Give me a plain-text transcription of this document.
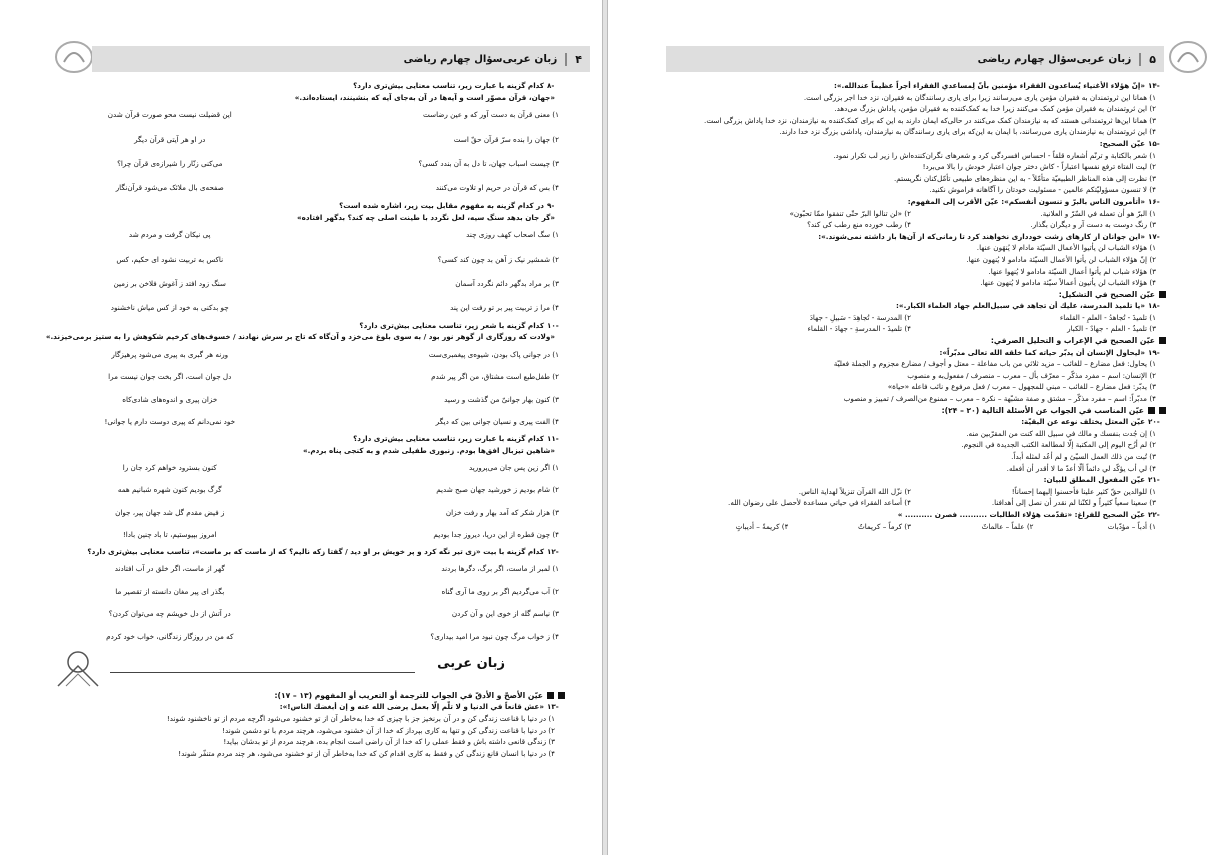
۴
زبان عربی
سؤال چهارم ریاضی
۸-
کدام گزینه با عبارت زیر، تناسب معنایی بیش‌تری دارد؟
«جهان، قرآن مصوّر است و آیه‌ها در آن به‌جای آیه‌ که بنشینند، ایستاده‌اند.»
۱) معنی قرآن به دست آور که و عین رضاست
این قضیلت نیست محو صورت قرآن شدن
۲) جهان را بنده سرّ قرآن حقّ است
در او هر آیتی قرآن دیگر
۳) چیست اسباب جهان، تا دل به آن بندد کسی؟
می‌کنی زنّار را شیرازه‌ی قرآن چرا؟
۴) بس که قرآن در حریم او تلاوت می‌کنند
صفحه‌ی بال ملائک می‌شود قرآن‌نگار
۹-
در کدام گزینه به مفهوم مقابل بیت زیر، اشاره شده است؟
«گر جان بدهد سنگ سیه، لعل نگردد با طینت اصلی چه کند؟ بدگهر افتاده»
۱) سگ اصحاب کهف روزی چند
پی نیکان گرفت و مردم شد
۲) شمشیر نیک ز آهن بد چون کند کسی؟
ناکس به تربیت نشود ای حکیم، کس
۳) بر مراد بدگهر دائم نگردد آسمان
سنگ زود افتد ز آغوش فلاخن بر زمین
۴) مرا ز تربیت پیر بر تو رفت این پند
چو بدکنی به خود از کس میاش ناخشنود
۱۰-
کدام گزینه با شعر زیر، تناسب معنایی بیش‌تری دارد؟
«ولادت که روزگاری از گوهر نور بود / به سوی بلوغ می‌خزد و آن‌گاه که تاج بر سرش نهادند / خسوف‌های کرخیم شکوهش را به ستیز برمی‌خیزند.»
۱) در جوانی پاک بودن، شیوه‌ی پیغمبری‌ست
ورنه هر گبری به پیری می‌شود پرهیزگار
۲) طفل‌طبع است مشتاق، من اگر پیر شدم
دل جوان است، اگر بخت جوان نیست مرا
۳) کنون بهار جوانیّ من گذشت و رسید
خزان پیری و اندوه‌های شادی‌کاه
۴) الفت پیری و نسیان جوانی بین که دیگر
خود نمی‌دانم که پیری دوست دارم یا جوانی!
۱۱-
کدام گزینه با عبارت زیر، تناسب معنایی بیش‌تری دارد؟
«شاهین تیزبال افق‌ها بودم. زنبوری طفیلی شدم و به کنجی پناه بردم.»
۱) اگر زین پس جان می‌پرورید
کنون بسترود خواهم کرد جان را
۲) شام بودیم ز خورشید جهان صبح شدیم
گرگ بودیم کنون شهره شبانیم همه
۳) هزار شکر که آمد بهار و رفت خزان
ز فیض مقدم گل شد جهان پیر، جوان
۴) چون قطره از این دریا، دیروز جدا بودیم
امروز بپیوستیم، تا باد چنین بادا!
۱۲-
کدام گزینه با بیت «زی تیر نگه کرد و پر خویش بر او دید / گفتا زکه نالیم؟ که از ماست که بر ماست»، تناسب معنایی بیش‌تری دارد؟
۱) لمبر از ماست، اگر برگ، دگرها بردند
گهر از ماست، اگر خلق در آب افتادند
۲) آب می‌گردیم اگر بر روی ما آری گناه
بگذر ای پیر مغان دانسته از تقصیر ما
۳) نیاسم گله از خوی این و آن کردن
در آتش از دل خویشم چه می‌توان کردن؟
۴) ز خواب مرگ چون نبود مرا امید بیداری؟
که من در روزگار زندگانی، خواب خود کردم
زبان عربی
عيّن الأصحّ و الأدقّ في الجواب للترجمة أو التعريب أو المفهوم (۱۳ – ۱۷):
۱۳-
«عش قانعاً في الدنيا و لا تلّم إلّا بعمل يرضى الله عنه و إن أبغضك الناس!»:
۱) در دنیا با قناعت زندگی کن و در آن برنخیز جز با چیزی که خدا به‌خاطر آن از تو خشنود می‌شود اگرچه مردم از تو ناخشنود شوند!
۲) در دنیا با قناعت زندگی کن و تنها به کاری بپرداز که خدا از آن خشنود می‌شود، هرچند مردم با تو دشمن شوند!
۳) زندگی قانعی داشته باش و فقط عملی را که خدا از آن راضی است انجام بده، هرچند مردم از تو بدشان بیاید!
۴) در دنیا با انسان قانع زندگی کن و فقط به کاری اقدام کن که خدا به‌خاطر آن از تو خشنود می‌شود، هر چند مردم متنفّر شوند!
۵
زبان عربی
سؤال چهارم ریاضی
۱۴-
«إنّ هؤلاء الأغنياء يُساعدون الفقراء مؤمنين بأنّ لِمساعدي الفقراء أجراً عظيماً عندالله.»:
۱) همانا این ثروتمندان به فقیران مؤمن یاری می‌رسانند زیرا برای یاری رسانندگان به فقیران، نزد خدا اجر بزرگی است.
۲) این ثروتمندان به فقیران مؤمن کمک می‌کنند زیرا خدا به کمک‌کننده به فقیران مؤمن، پاداش بزرگ می‌دهد.
۳) همانا این‌ها ثروتمندانی هستند که به نیازمندان کمک می‌کنند در حالی‌که ایمان دارند به این که برای کمک‌کننده به نیازمندان، نزد خدا پاداش بزرگی است.
۴) این ثروتمندان به نیازمندان یاری می‌رسانند، با ایمان به این‌که برای یاری رسانندگان به نیازمندان، پاداشی بزرگ نزد خدا دارند.
۱۵-
عيّن الصحيح:
۱) شعر بالكتابة و ترنّم أشعاره قلقاً - احساس افسردگی کرد و شعرهای نگران‌کننده‌اش را زیر لب تکرار نمود.
۲) ليت الفتاة ترفع نفسها اعتباراً - کاش دختر جوان اعتبار خودش را بالا می‌برد!
۳) نظرت إلى هذه المناظر الطبيعيّة متأمّلاً - به این منظره‌های طبیعی تأمّل‌کنان نگریستم.
۴) لا تنسون مسؤوليّتكم عالمين - مسئولیت خودتان را آگاهانه فراموش نکنید.
۱۶-
«أتأمرون الناس بالبرّ و تنسون أنفسكم»: عيّن الأقرب إلى المفهوم:
۱) البرّ هو أن تعمله في السّرّ و العلانية.
۲) «لن تنالوا البرّ حتّى تنفقوا ممّا تحبّون»
۳) رنگ دوست به دست آر و دیگران بگذار.
۴) رطب خورده منع رطب کی کند؟
۱۷-
«این جوانان از کارهای زشت خودداری نخواهند کرد تا زمانی‌که از آن‌ها باز داشته نمی‌شوند.»:
۱) هؤلاء الشباب لن يأتيوا الأعمال السيّئة مادام لا يُنهَون عنها.
۲) إنّ هؤلاء الشباب لن يأتوا الأعمال السيّئة مادامو لا يُنهون عنها.
۳) هؤلاء شباب لم يأتوا أعمال السيّئة مادامو لا يُنهوا عنها.
۴) هؤلاء الشباب لن يأتيون أعمالاً سيّئة مادامو لا يُنهون عنها.
عيّن الصحيح في التشكيل:
۱۸-
«يا تلميذ المدرسة، عليك أن تجاهد في سبيل‌العلم جهاد العلماء الكبار.»:
۱) تلميذَ - تُجاهدُ - العلمِ - القلماء
۲) المدرسة - تُجاهِدَ - سَبيلِ - جهادَ
۳) تلميذُ - العلم - جهادٌ - الكبار
۴) تلميذَ - المدرسةِ - جهادَ - القلماء
عيّن الصحيح في الإعراب و التحليل الصرفي:
۱۹-
«ليحاول الإنسان أن يدبّر حياته كما خلقه الله تعالى مدبّراً»:
۱) يحاول: فعل مضارع – للغائب – مزيد ثلاثي من باب مفاعلة – معتل و أجوف / مضارع مجزوم و الجملة فعليّة
۲) الإنسان: اسم – مفرد مذكّر – معرّف بأل – معرب – منصرف / مفعول‌به و منصوب
۳) يدبّر: فعل مضارع – للغائب – مبني للمجهول – معرب / فعل مرفوع و نائب فاعله «حياة»
۴) مدبّراً: اسم – مفرد مذكّر – مشتق و صفة مشبّهة – نكرة – معرب – ممنوع من‌الصرف / تمييز و منصوب
عيّن المناسب في الجواب عن الأسئلة التالية (۲۰ – ۲۴):
۲۰-
عيّن المعتل يختلف نوعه عن البقيّة:
۱) إن جُدت بنفسك و مالك في سبيل الله كنت من المقرّبين منه.
۲) لم أزُح اليوم إلى المكتبة إلّا لمطالعة الكتب الجديدة في النجوم.
۳) تُبت من ذلك العمل السيّئ و لم أعُد لمثله أبداً.
۴) لي أب يؤكّد لي دائماً ألّا أعدّ ما لا أقدر أن أفعله.
۲۱-
عيّن المفعول المطلق للبيان:
۱) للوالدين حقّ كثير علينا فأحسنوا إليهما إحساناً!
۲) نزّل الله القرآن تنزيلاً لهداية الناس.
۳) سعينا سعياً كثيراً و لكنّنا لم نقدر أن نصل إلى أهدافنا.
۴) أساعد الفقراء في حياتي مساعدة لأحصل على رضوان الله.
۲۲-
عيّن الصحيح للفراغ: «تقدّمت هؤلاء الطالبات .......... فصرن .......... »
۱) أدباً – مؤدّبات
۲) علماً – عالماتٌ
۳) كرماً – كريماتٌ
۴) كريمةً – أديباتٍ
